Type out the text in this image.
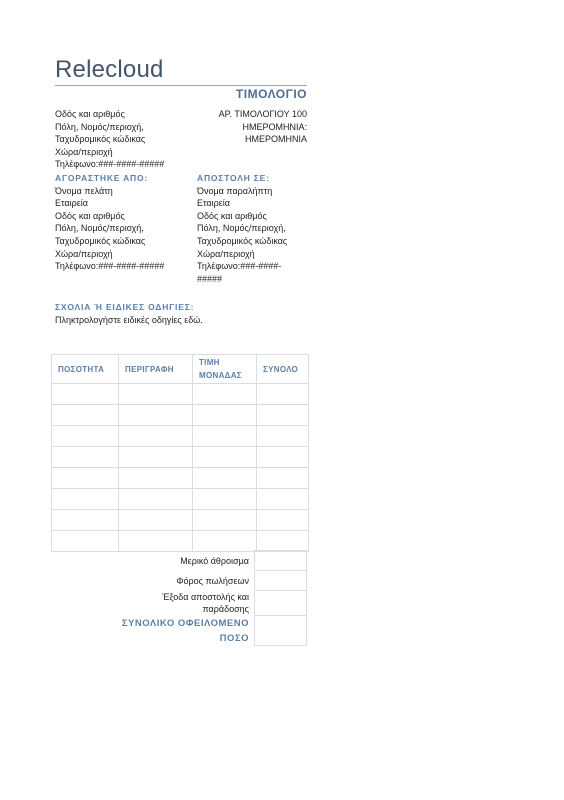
Relecloud
ΤΙΜΟΛΟΓΙΟ
Οδός και αριθμός
Πόλη, Νομός/περιοχή,
Ταχυδρομικός κώδικας
Χώρα/περιοχή
Τηλέφωνο:###-####-#####
ΑΡ. ΤΙΜΟΛΟΓΙΟΥ 100
ΗΜΕΡΟΜΗΝΙΑ:
ΗΜΕΡΟΜΗΝΙΑ
ΑΓΟΡΑΣΤΗΚΕ ΑΠΟ:
Όνομα πελάτη
Εταιρεία
Οδός και αριθμός
Πόλη, Νομός/περιοχή,
Ταχυδρομικός κώδικας
Χώρα/περιοχή
Τηλέφωνο:###-####-#####
ΑΠΟΣΤΟΛΗ ΣΕ:
Όνομα παραλήπτη
Εταιρεία
Οδός και αριθμός
Πόλη, Νομός/περιοχή,
Ταχυδρομικός κώδικας
Χώρα/περιοχή
Τηλέφωνο:###-####-
#####
ΣΧΟΛΙΑ Ή ΕΙΔΙΚΕΣ ΟΔΗΓΙΕΣ:
Πληκτρολογήστε ειδικές οδηγίες εδώ.
ΠΟΣΟΤΗΤΑ	ΠΕΡΙΓΡΑΦΗ	ΤΙΜΗ
ΜΟΝΑΔΑΣ	ΣΥΝΟΛΟ

Μερικό άθροισμα	
Φόρος πωλήσεων	

Έξοδα αποστολής και
παράδοσης	

ΣΥΝΟΛΙΚΟ ΟΦΕΙΛΟΜΕΝΟ
ΠΟΣΟ	
